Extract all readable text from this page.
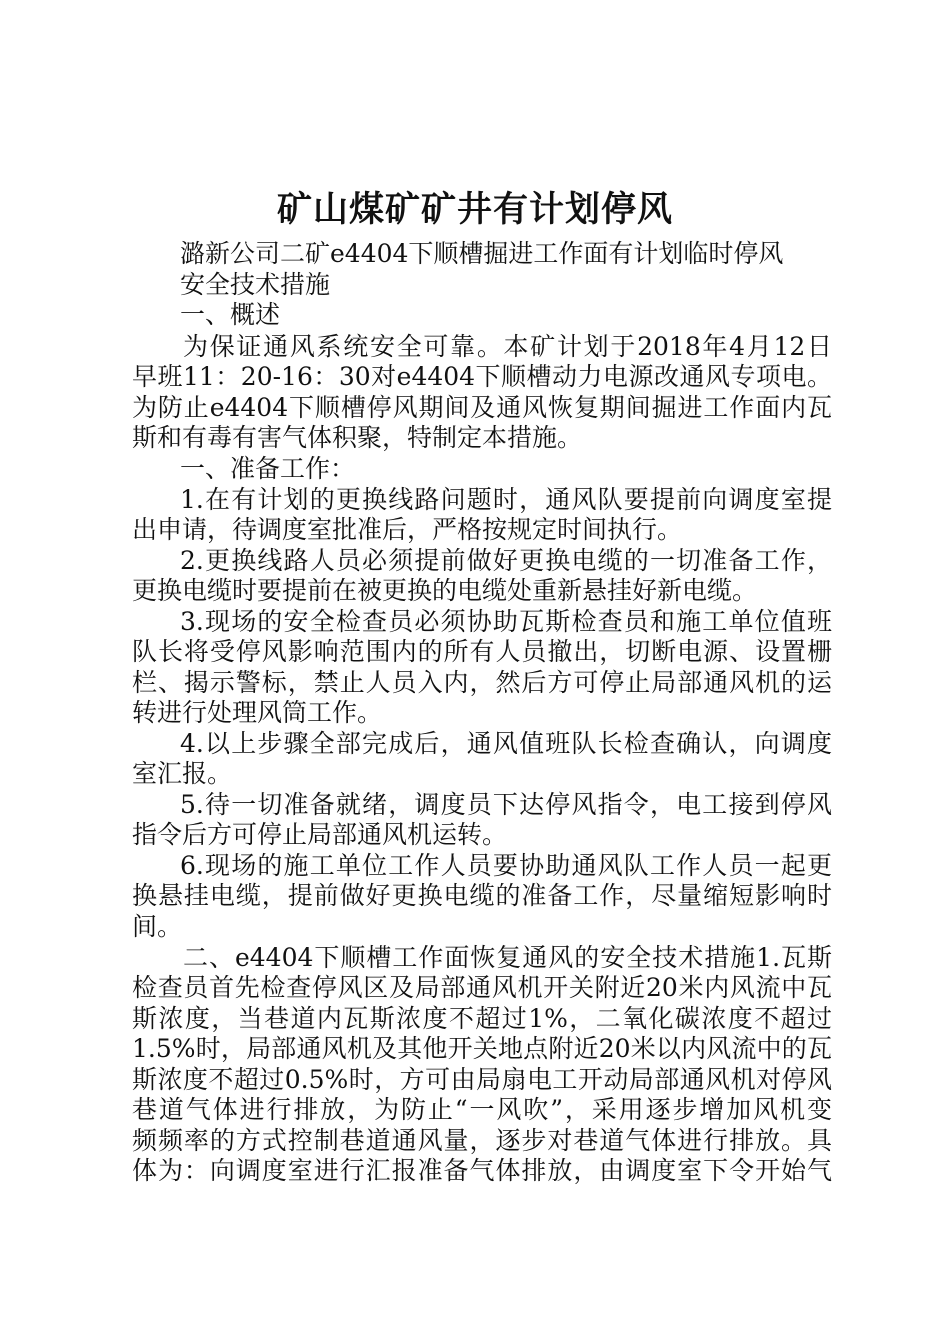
矿山煤矿矿井有计划停风
潞新公司二矿e4404下顺槽掘进工作面有计划临时停风
安全技术措施
一、概述
为保证通风系统安全可靠。本矿计划于2018年4月12日
早班11：20-16：30对e4404下顺槽动力电源改通风专项电。
为防止e4404下顺槽停风期间及通风恢复期间掘进工作面内瓦
斯和有毒有害气体积聚，特制定本措施。
一、准备工作：
1.在有计划的更换线路问题时，通风队要提前向调度室提
出申请，待调度室批准后，严格按规定时间执行。
2.更换线路人员必须提前做好更换电缆的一切准备工作，
更换电缆时要提前在被更换的电缆处重新悬挂好新电缆。
3.现场的安全检查员必须协助瓦斯检查员和施工单位值班
队长将受停风影响范围内的所有人员撤出，切断电源、设置栅
栏、揭示警标，禁止人员入内，然后方可停止局部通风机的运
转进行处理风筒工作。
4.以上步骤全部完成后，通风值班队长检查确认，向调度
室汇报。
5.待一切准备就绪，调度员下达停风指令，电工接到停风
指令后方可停止局部通风机运转。
6.现场的施工单位工作人员要协助通风队工作人员一起更
换悬挂电缆，提前做好更换电缆的准备工作，尽量缩短影响时
间。
二、e4404下顺槽工作面恢复通风的安全技术措施1.瓦斯
检查员首先检查停风区及局部通风机开关附近20米内风流中瓦
斯浓度，当巷道内瓦斯浓度不超过1%，二氧化碳浓度不超过
1.5%时，局部通风机及其他开关地点附近20米以内风流中的瓦
斯浓度不超过0.5%时，方可由局扇电工开动局部通风机对停风
巷道气体进行排放，为防止“一风吹”，采用逐步增加风机变
频频率的方式控制巷道通风量，逐步对巷道气体进行排放。具
体为：向调度室进行汇报准备气体排放，由调度室下令开始气
